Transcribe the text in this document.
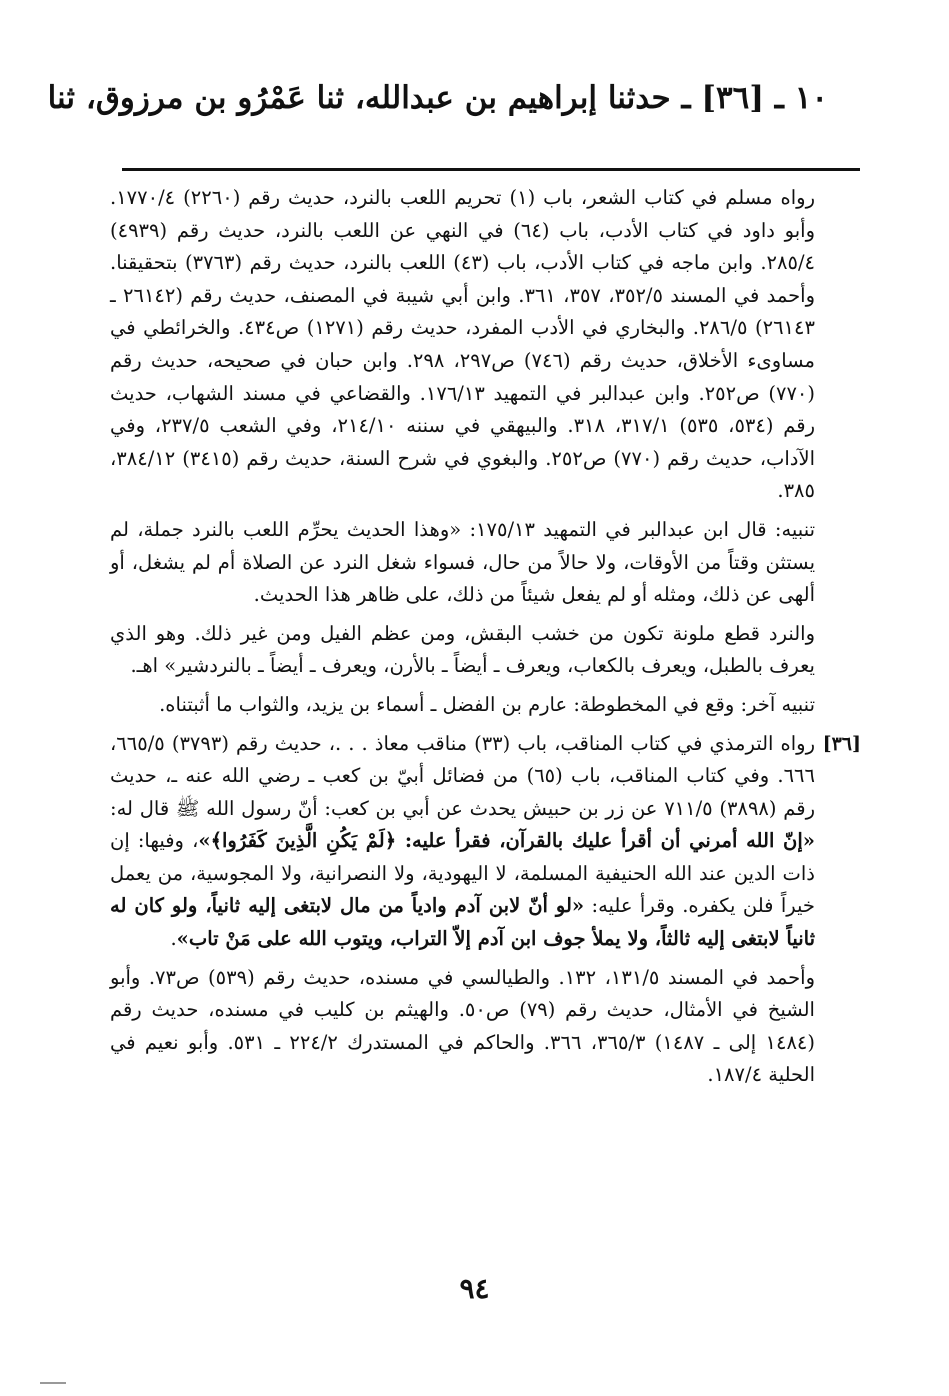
١٠ ـ [٣٦] ـ حدثنا إبراهيم بن عبدالله، ثنا عَمْرُو بن مرزوق، ثنا

رواه مسلم في كتاب الشعر، باب (١) تحريم اللعب بالنرد، حديث رقم (٢٢٦٠) ١٧٧٠/٤. وأبو داود في كتاب الأدب، باب (٦٤) في النهي عن اللعب بالنرد، حديث رقم (٤٩٣٩) ٢٨٥/٤. وابن ماجه في كتاب الأدب، باب (٤٣) اللعب بالنرد، حديث رقم (٣٧٦٣) بتحقيقنا. وأحمد في المسند ٣٥٢/٥، ٣٥٧، ٣٦١. وابن أبي شيبة في المصنف، حديث رقم (٢٦١٤٢ ـ ٢٦١٤٣) ٢٨٦/٥. والبخاري في الأدب المفرد، حديث رقم (١٢٧١) ص٤٣٤. والخرائطي في مساوىء الأخلاق، حديث رقم (٧٤٦) ص٢٩٧، ٢٩٨. وابن حبان في صحيحه، حديث رقم (٧٧٠) ص٢٥٢. وابن عبدالبر في التمهيد ١٧٦/١٣. والقضاعي في مسند الشهاب، حديث رقم (٥٣٤، ٥٣٥) ٣١٧/١، ٣١٨. والبيهقي في سننه ٢١٤/١٠، وفي الشعب ٢٣٧/٥، وفي الآداب، حديث رقم (٧٧٠) ص٢٥٢. والبغوي في شرح السنة، حديث رقم (٣٤١٥) ٣٨٤/١٢، ٣٨٥.

تنبيه: قال ابن عبدالبر في التمهيد ١٧٥/١٣: «وهذا الحديث يحرِّم اللعب بالنرد جملة، لم يستثن وقتاً من الأوقات، ولا حالاً من حال، فسواء شغل النرد عن الصلاة أم لم يشغل، أو ألهى عن ذلك، ومثله أو لم يفعل شيئاً من ذلك، على ظاهر هذا الحديث.

والنرد قطع ملونة تكون من خشب البقش، ومن عظم الفيل ومن غير ذلك. وهو الذي يعرف بالطبل، ويعرف بالكعاب، ويعرف ـ أيضاً ـ بالأرن، ويعرف ـ أيضاً ـ بالنردشير» اهـ.

تنبيه آخر: وقع في المخطوطة: عارم بن الفضل ـ أسماء بن يزيد، والثواب ما أثبتناه.

[٣٦]
رواه الترمذي في كتاب المناقب، باب (٣٣) مناقب معاذ . . .، حديث رقم (٣٧٩٣) ٦٦٥/٥، ٦٦٦. وفي كتاب المناقب، باب (٦٥) من فضائل أبيّ بن كعب ـ رضي الله عنه ـ، حديث رقم (٣٨٩٨) ٧١١/٥ عن زر بن حبيش يحدث عن أبي بن كعب: أنّ رسول الله ﷺ قال له: «إنّ الله أمرني أن أقرأ عليك بالقرآن، فقرأ عليه: ﴿لَمْ يَكُنِ الَّذِينَ كَفَرُوا﴾»، وفيها: إن ذات الدين عند الله الحنيفية المسلمة، لا اليهودية، ولا النصرانية، ولا المجوسية، من يعمل خيراً فلن يكفره. وقرأ عليه: «لو أنّ لابن آدم وادياً من مال لابتغى إليه ثانياً، ولو كان له ثانياً لابتغى إليه ثالثاً، ولا يملأ جوف ابن آدم إلاّ التراب، ويتوب الله على مَنْ تاب».

وأحمد في المسند ١٣١/٥، ١٣٢. والطيالسي في مسنده، حديث رقم (٥٣٩) ص٧٣. وأبو الشيخ في الأمثال، حديث رقم (٧٩) ص٥٠. والهيثم بن كليب في مسنده، حديث رقم (١٤٨٤ إلى ـ ١٤٨٧) ٣٦٥/٣، ٣٦٦. والحاكم في المستدرك ٢٢٤/٢ ـ ٥٣١. وأبو نعيم في الحلية ١٨٧/٤.

٩٤
